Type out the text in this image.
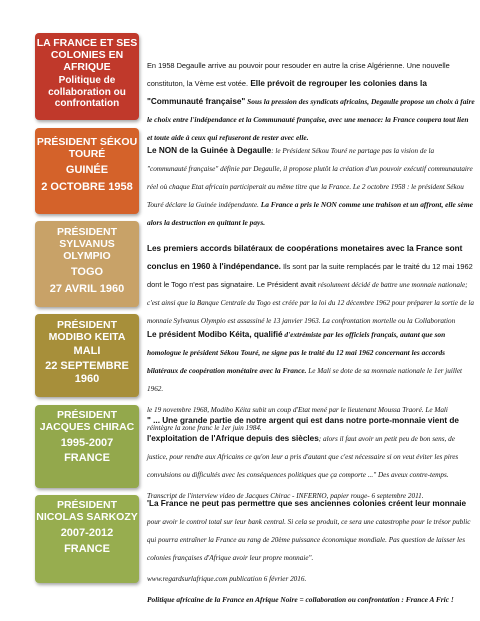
LA FRANCE ET SES COLONIES EN AFRIQUE
Politique de collaboration ou confrontation

En 1958 Degaulle arrive au pouvoir pour resouder en autre la crise Algérienne. Une nouvelle constituton, la Vème est votée. Elle prévoit de regrouper les colonies dans la "Communauté française" Sous la pression des syndicats africains, Degaulle propose un choix à faire le choix entre l'indépendance et la Communauté française, avec une menace: la France coupera tout lien et toute aide à ceux qui refuseront de rester avec elle.

PRÉSIDENT SÉKOU TOURÉ
GUINÉE
2 OCTOBRE 1958

Le NON de la Guinée à Degaulle: le Président Sékou Touré ne partage pas la vision de la "communauté française" définie par Degaulle, il propose plutôt la création d'un pouvoir exécutif communautaire réel où chaque Etat africain participerait au même titre que la France. Le 2 octobre 1958 : le président Sékou Touré déclare la Guinée indépendante. La France a pris le NON comme une trahison et un affront, elle sème alors la destruction en quittant le pays.

PRÉSIDENT SYLVANUS OLYMPIO
TOGO
27 AVRIL 1960

Les premiers accords bilatéraux de coopérations monetaires avec la France sont conclus en 1960 à l'indépendance. Ils sont par la suite remplacés par le traité du 12 mai 1962 dont le Togo n'est pas signataire. Le Président avait résolument décidé de battre une monnaie nationale; c'est ainsi que la Banque Centrale du Togo est créée par la loi du 12 décembre 1962 pour préparer la sortie de la monnaie Sylvanus Olympio est assassiné le 13 janvier 1963. La confrontation mortelle ou la Collaboration

PRÉSIDENT MODIBO KEITA
MALI
22 SEPTEMBRE 1960

Le président Modibo Kéita, qualifié d'extrémiste par les officiels français, autant que son homologue le président Sékou Touré, ne signe pas le traité du 12 mai 1962 concernant les accords bilatéraux de coopération monétaire avec la France. Le Mali se dote de sa monnaie nationale le 1er juillet 1962.

le 19 novembre 1968, Modibo Kéita subit un coup d'Etat mené par le lieutenant Moussa Traoré. Le Mali réintègre la zone franc le 1er juin 1984.

PRÉSIDENT JACQUES CHIRAC
1995-2007
FRANCE

" ... Une grande partie de notre argent qui est dans notre porte-monnaie vient de l'exploitation de l'Afrique depuis des siècles; alors il faut avoir un petit peu de bon sens, de justice, pour rendre aux Africains ce qu'on leur a pris d'autant que c'est nécessaire si on veut éviter les pires convulsions ou difficultés avec les conséquences politiques que ça comporte ..." Des aveux contre-temps.

Transcript de l'interview video de Jacques Chirac - INFERNO, papier rouge- 6 septembre 2011.

PRÉSIDENT NICOLAS SARKOZY
2007-2012
FRANCE

'La France ne peut pas permettre que ses anciennes colonies créent leur monnaie pour avoir le control total sur leur bank central. Si cela se produit, ce sera une catastrophe pour le trésor public qui pourra entraîner la France au rang de 20ème puissance économique mondiale. Pas question de laisser les colonies françaises d'Afrique avoir leur propre monnaie".

www.regardsurlafrique.com publication 6 février 2016.

Politique africaine de la France en Afrique Noire = collaboration ou confrontation : France A Fric !
